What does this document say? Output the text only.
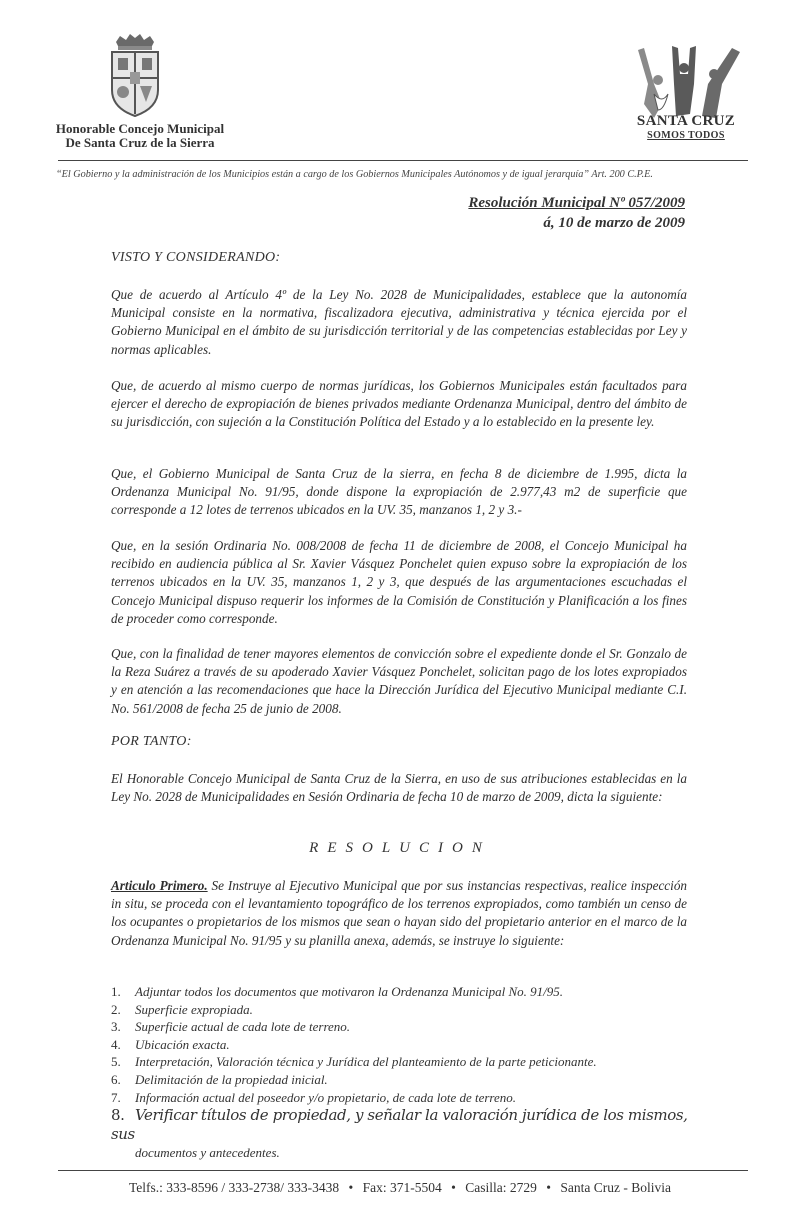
Honorable Concejo Municipal
De Santa Cruz de la Sierra
SANTA CRUZ
SOMOS TODOS
“El Gobierno y la administración de los Municipios están a cargo de los Gobiernos Municipales Autónomos y de igual jerarquía” Art. 200 C.P.E.
Resolución Municipal Nº 057/2009
á, 10 de marzo de 2009
VISTO Y CONSIDERANDO:
Que de acuerdo al Artículo 4º de la Ley No. 2028 de Municipalidades, establece que la autonomía Municipal consiste en la normativa, fiscalizadora ejecutiva, administrativa y técnica ejercida por el Gobierno Municipal en el ámbito de su jurisdicción territorial y de las competencias establecidas por Ley y normas aplicables.
Que, de acuerdo al mismo cuerpo de normas jurídicas, los Gobiernos Municipales están facultados para ejercer el derecho de expropiación de bienes privados mediante Ordenanza Municipal, dentro del ámbito de su jurisdicción, con sujeción a la Constitución Política del Estado y a lo establecido en la presente ley.
Que, el Gobierno Municipal de Santa Cruz de la sierra, en fecha 8 de diciembre de 1.995, dicta la Ordenanza Municipal No. 91/95, donde dispone la expropiación de 2.977,43 m2 de superficie que corresponde a 12 lotes de terrenos ubicados en la UV. 35, manzanos 1, 2 y 3.-
Que, en la sesión Ordinaria No. 008/2008 de fecha 11 de diciembre de 2008, el Concejo Municipal ha recibido en audiencia pública al Sr. Xavier Vásquez Ponchelet quien expuso sobre la expropiación de los terrenos ubicados en la UV. 35, manzanos 1, 2 y 3, que después de las argumentaciones escuchadas el Concejo Municipal dispuso requerir los informes de la Comisión de Constitución y Planificación a los fines de proceder como corresponde.
Que, con la finalidad de tener mayores elementos de convicción sobre el expediente donde el Sr. Gonzalo de la Reza Suárez a través de su apoderado Xavier Vásquez Ponchelet, solicitan pago de los lotes expropiados y en atención a las recomendaciones que hace la Dirección Jurídica del Ejecutivo Municipal mediante C.I. No. 561/2008 de fecha 25 de junio de 2008.
POR TANTO:
El Honorable Concejo Municipal de Santa Cruz de la Sierra, en uso de sus atribuciones establecidas en la Ley No. 2028 de Municipalidades en Sesión Ordinaria de fecha 10 de marzo de 2009, dicta la siguiente:
RESOLUCION
Articulo Primero. Se Instruye al Ejecutivo Municipal que por sus instancias respectivas, realice inspección in situ, se proceda con el levantamiento topográfico de los terrenos expropiados, como también un censo de los ocupantes o propietarios de los mismos que sean o hayan sido del propietario anterior en el marco de la Ordenanza Municipal No. 91/95 y su planilla anexa, además, se instruye lo siguiente:
1. Adjuntar todos los documentos que motivaron la Ordenanza Municipal No. 91/95.
2. Superficie expropiada.
3. Superficie actual de cada lote de terreno.
4. Ubicación exacta.
5. Interpretación, Valoración técnica y Jurídica del planteamiento de la parte peticionante.
6. Delimitación de la propiedad inicial.
7. Información actual del poseedor y/o propietario, de cada lote de terreno.
8. Verificar títulos de propiedad, y señalar la valoración jurídica de los mismos, sus
documentos y antecedentes.
Telfs.: 333-8596 / 333-2738/ 333-3438 • Fax: 371-5504 • Casilla: 2729 • Santa Cruz - Bolivia
